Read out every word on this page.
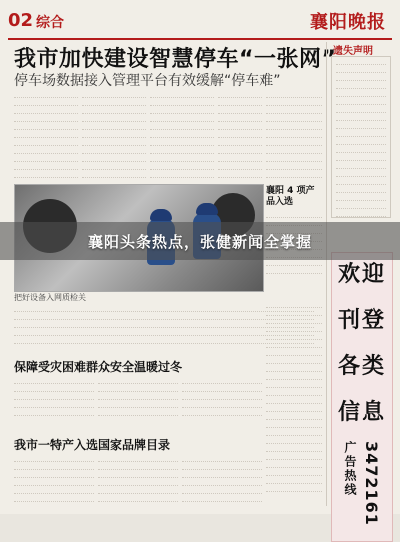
02 综合	襄阳晚报
我市加快建设智慧停车“一张网”
停车场数据接入管理平台有效缓解“停车难”
把好设备入网质检关
襄阳 4 项产品入选
保障受灾困难群众安全温暖过冬
我市一特产入选国家品牌目录
遗失声明
欢迎
刊登
各类
信息
广告热线 3472161
襄阳头条热点，张健新闻全掌握
